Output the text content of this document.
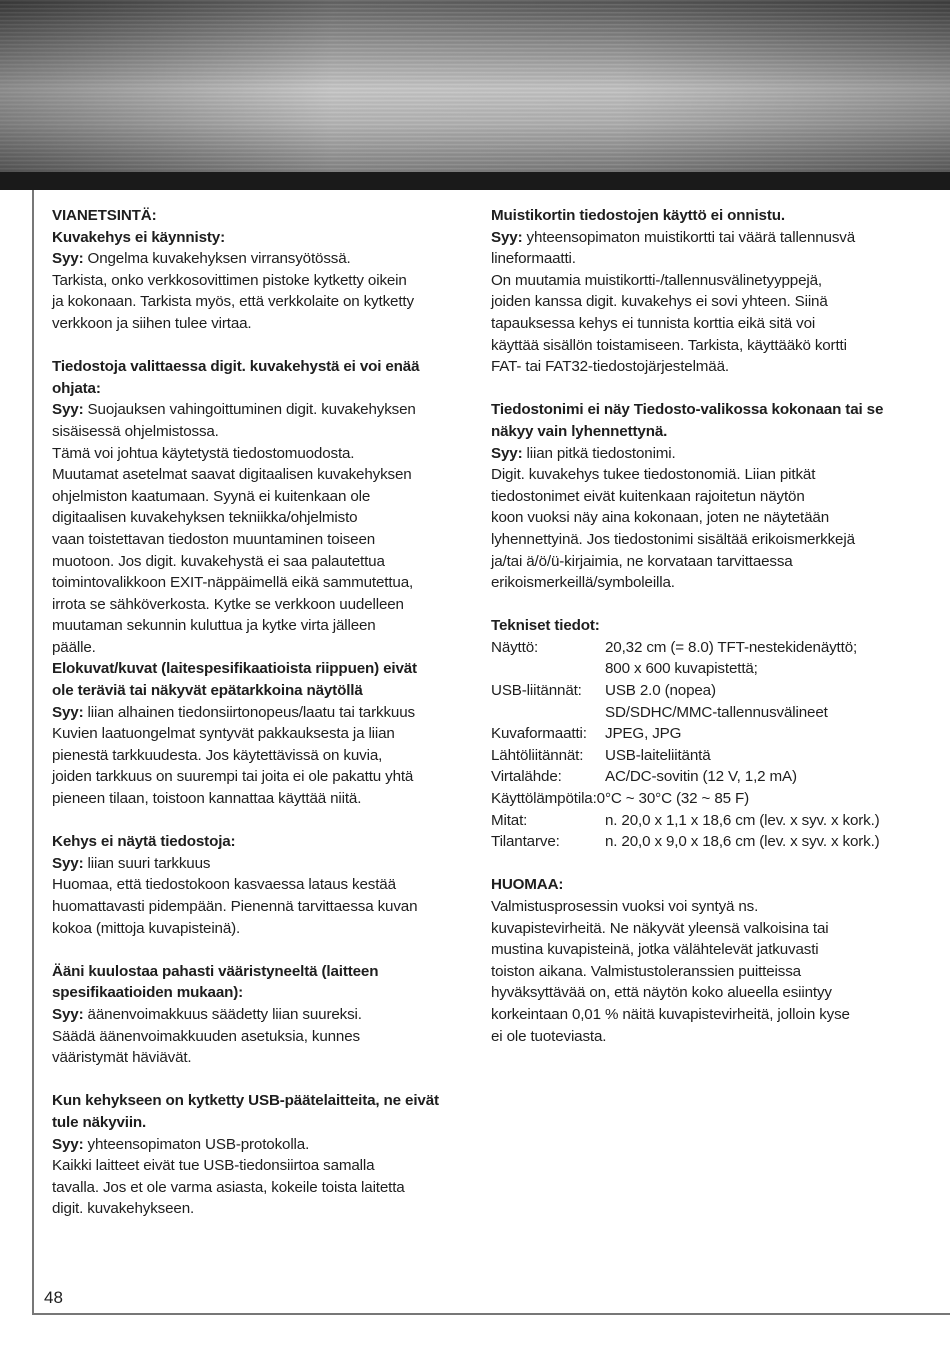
VIANETSINTÄ:
Kuvakehys ei käynnisty:

Syy: Ongelma kuvakehyksen virransyötössä.

Tarkista, onko verkkosovittimen pistoke kytketty oikein

ja kokonaan. Tarkista myös, että verkkolaite on kytketty

verkkoon ja siihen tulee virtaa.

Tiedostoja valittaessa digit. kuvakehystä ei voi enää
ohjata:

Syy: Suojauksen vahingoittuminen digit. kuvakehyksen

sisäisessä ohjelmistossa.

Tämä voi johtua käytetystä tiedostomuodosta.

Muutamat asetelmat saavat digitaalisen kuvakehyksen

ohjelmiston kaatumaan. Syynä ei kuitenkaan ole

digitaalisen kuvakehyksen tekniikka/ohjelmisto

vaan toistettavan tiedoston muuntaminen toiseen

muotoon. Jos digit. kuvakehystä ei saa palautettua

toimintovalikkoon EXIT-näppäimellä eikä sammutettua,

irrota se sähköverkosta. Kytke se verkkoon uudelleen

muutaman sekunnin kuluttua ja kytke virta jälleen

päälle.

Elokuvat/kuvat (laitespesifikaatioista riippuen) eivät
ole teräviä tai näkyvät epätarkkoina näytöllä

Syy: liian alhainen tiedonsiirtonopeus/laatu tai tarkkuus

Kuvien laatuongelmat syntyvät pakkauksesta ja liian

pienestä tarkkuudesta. Jos käytettävissä on kuvia,

joiden tarkkuus on suurempi tai joita ei ole pakattu yhtä

pieneen tilaan, toistoon kannattaa käyttää niitä.

Kehys ei näytä tiedostoja:

Syy: liian suuri tarkkuus

Huomaa, että tiedostokoon kasvaessa lataus kestää

huomattavasti pidempään. Pienennä tarvittaessa kuvan

kokoa (mittoja kuvapisteinä).

Ääni kuulostaa pahasti vääristyneeltä (laitteen
spesifikaatioiden mukaan):

Syy: äänenvoimakkuus säädetty liian suureksi.

Säädä äänenvoimakkuuden asetuksia, kunnes

vääristymät häviävät.

Kun kehykseen on kytketty USB-päätelaitteita, ne eivät
tule näkyviin.

Syy: yhteensopimaton USB-protokolla.

Kaikki laitteet eivät tue USB-tiedonsiirtoa samalla

tavalla. Jos et ole varma asiasta, kokeile toista laitetta

digit. kuvakehykseen.

Muistikortin tiedostojen käyttö ei onnistu.

Syy: yhteensopimaton muistikortti tai väärä tallennusvä

lineformaatti.

On muutamia muistikortti-/tallennusvälinetyyppejä,

joiden kanssa digit. kuvakehys ei sovi yhteen. Siinä

tapauksessa kehys ei tunnista korttia eikä sitä voi

käyttää sisällön toistamiseen. Tarkista, käyttääkö kortti

FAT- tai FAT32-tiedostojärjestelmää.

Tiedostonimi ei näy Tiedosto-valikossa kokonaan tai se
näkyy vain lyhennettynä.

Syy: liian pitkä tiedostonimi.

Digit. kuvakehys tukee tiedostonomiä. Liian pitkät

tiedostonimet eivät kuitenkaan rajoitetun näytön

koon vuoksi näy aina kokonaan, joten ne näytetään

lyhennettyinä. Jos tiedostonimi sisältää erikoismerkkejä

ja/tai ä/ö/ü-kirjaimia, ne korvataan tarvittaessa

erikoismerkeillä/symboleilla.

Tekniset tiedot:
Näyttö:	20,32 cm (= 8.0) TFT-nestekidenäyttö;
800 x 600 kuvapistettä;
USB-liitännät:	USB 2.0 (nopea)
SD/SDHC/MMC-tallennusvälineet
Kuvaformaatti:	JPEG, JPG
Lähtöliitännät:	USB-laiteliitäntä
Virtalähde:	AC/DC-sovitin (12 V, 1,2 mA)
Käyttölämpötila: 0°C ~ 30°C (32 ~ 85 F)
Mitat:	n. 20,0 x 1,1 x 18,6 cm (lev. x syv. x kork.)
Tilantarve:	n. 20,0 x 9,0 x 18,6 cm (lev. x syv. x kork.)
HUOMAA:

Valmistusprosessin vuoksi voi syntyä ns.

kuvapistevirheitä. Ne näkyvät yleensä valkoisina tai

mustina kuvapisteinä, jotka välähtelevät jatkuvasti

toiston aikana. Valmistustoleranssien puitteissa

hyväksyttävää on, että näytön koko alueella esiintyy

korkeintaan 0,01 % näitä kuvapistevirheitä, jolloin kyse

ei ole tuoteviasta.

48
